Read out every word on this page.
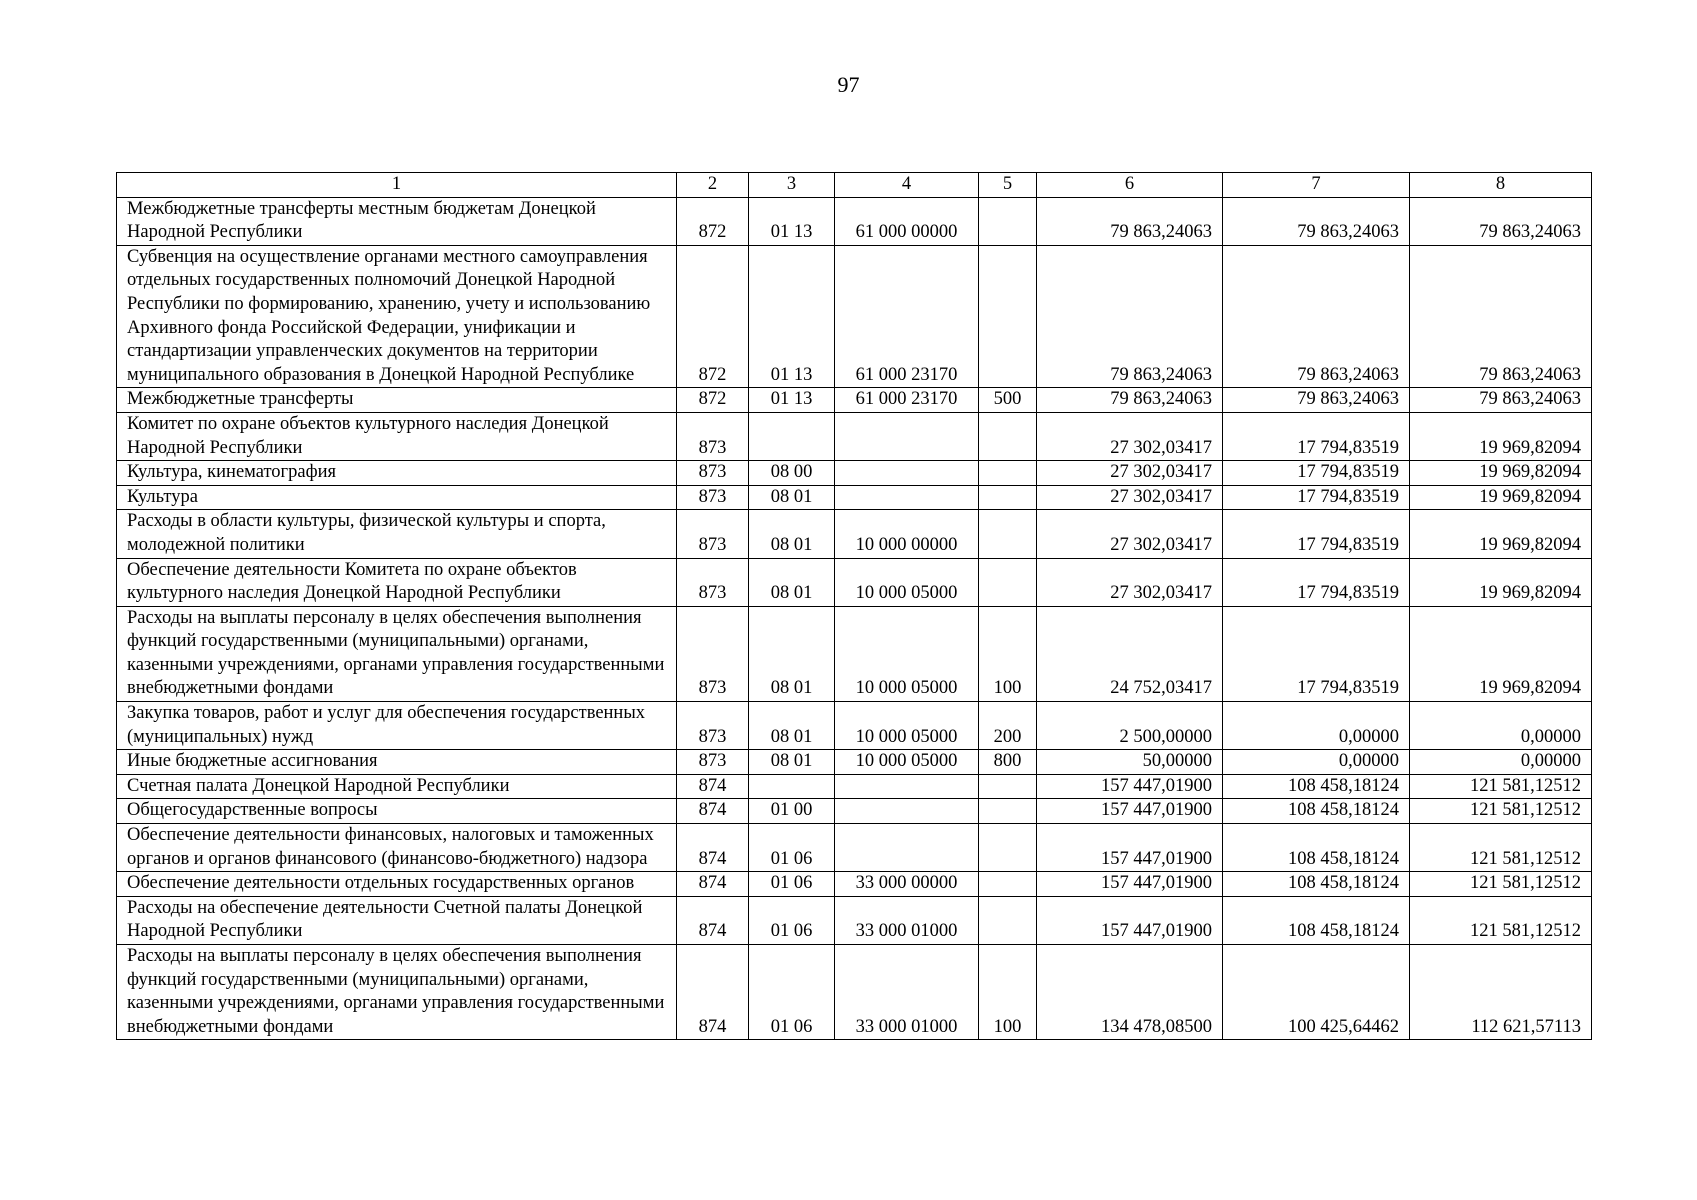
97
1	2	3	4	5	6	7	8
Межбюджетные трансферты местным бюджетам Донецкой Народной Республики	872	01 13	61 000 00000		79 863,24063	79 863,24063	79 863,24063
Субвенция на осуществление органами местного самоуправления отдельных государственных полномочий Донецкой Народной Республики по формированию, хранению, учету и использованию Архивного фонда Российской Федерации, унификации и стандартизации управленческих документов на территории муниципального образования в Донецкой Народной Республике	872	01 13	61 000 23170		79 863,24063	79 863,24063	79 863,24063
Межбюджетные трансферты	872	01 13	61 000 23170	500	79 863,24063	79 863,24063	79 863,24063
Комитет по охране объектов культурного наследия Донецкой Народной Республики	873				27 302,03417	17 794,83519	19 969,82094
Культура, кинематография	873	08 00			27 302,03417	17 794,83519	19 969,82094
Культура	873	08 01			27 302,03417	17 794,83519	19 969,82094
Расходы в области культуры, физической культуры и спорта, молодежной политики	873	08 01	10 000 00000		27 302,03417	17 794,83519	19 969,82094
Обеспечение деятельности Комитета по охране объектов культурного наследия Донецкой Народной Республики	873	08 01	10 000 05000		27 302,03417	17 794,83519	19 969,82094
Расходы на выплаты персоналу в целях обеспечения выполнения функций государственными (муниципальными) органами, казенными учреждениями, органами управления государственными внебюджетными фондами	873	08 01	10 000 05000	100	24 752,03417	17 794,83519	19 969,82094
Закупка товаров, работ и услуг для обеспечения государственных (муниципальных) нужд	873	08 01	10 000 05000	200	2 500,00000	0,00000	0,00000
Иные бюджетные ассигнования	873	08 01	10 000 05000	800	50,00000	0,00000	0,00000
Счетная палата Донецкой Народной Республики	874				157 447,01900	108 458,18124	121 581,12512
Общегосударственные вопросы	874	01 00			157 447,01900	108 458,18124	121 581,12512
Обеспечение деятельности финансовых, налоговых и таможенных органов и органов финансового (финансово-бюджетного) надзора	874	01 06			157 447,01900	108 458,18124	121 581,12512
Обеспечение деятельности отдельных государственных органов	874	01 06	33 000 00000		157 447,01900	108 458,18124	121 581,12512
Расходы на обеспечение деятельности Счетной палаты Донецкой Народной Республики	874	01 06	33 000 01000		157 447,01900	108 458,18124	121 581,12512
Расходы на выплаты персоналу в целях обеспечения выполнения функций государственными (муниципальными) органами, казенными учреждениями, органами управления государственными внебюджетными фондами	874	01 06	33 000 01000	100	134 478,08500	100 425,64462	112 621,57113
